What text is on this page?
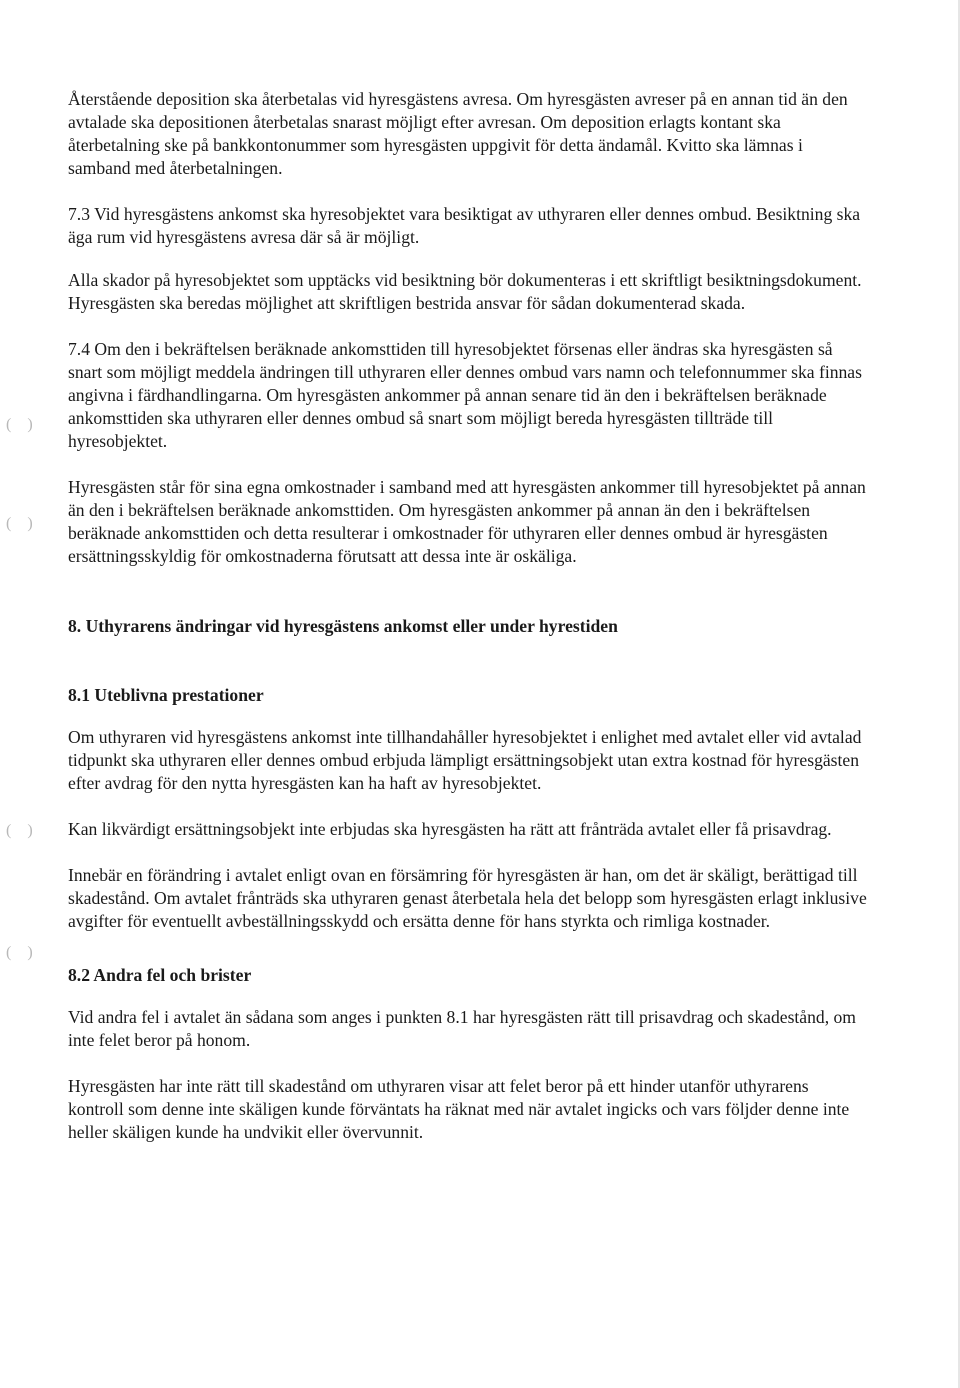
(    )
(    )
(    )
(    )

Återstående deposition ska återbetalas vid hyresgästens avresa. Om hyresgästen avreser på en annan tid än den avtalade ska depositionen återbetalas snarast möjligt efter avresan. Om deposition erlagts kontant ska återbetalning ske på bankkontonummer som hyresgästen uppgivit för detta ändamål. Kvitto ska lämnas i samband med återbetalningen.

7.3 Vid hyresgästens ankomst ska hyresobjektet vara besiktigat av uthyraren eller dennes ombud. Besiktning ska äga rum vid hyresgästens avresa där så är möjligt.

Alla skador på hyresobjektet som upptäcks vid besiktning bör dokumenteras i ett skriftligt besiktningsdokument. Hyresgästen ska beredas möjlighet att skriftligen bestrida ansvar för sådan dokumenterad skada.

7.4 Om den i bekräftelsen beräknade ankomsttiden till hyresobjektet försenas eller ändras ska hyresgästen så snart som möjligt meddela ändringen till uthyraren eller dennes ombud vars namn och telefonnummer ska finnas angivna i färdhandlingarna. Om hyresgästen ankommer på annan senare tid än den i bekräftelsen beräknade ankomsttiden ska uthyraren eller dennes ombud så snart som möjligt bereda hyresgästen tillträde till hyresobjektet.

Hyresgästen står för sina egna omkostnader i samband med att hyresgästen ankommer till hyresobjektet på annan än den i bekräftelsen beräknade ankomsttiden. Om hyresgästen ankommer på annan än den i bekräftelsen beräknade ankomsttiden och detta resulterar i omkostnader för uthyraren eller dennes ombud är hyresgästen ersättningsskyldig för omkostnaderna förutsatt att dessa inte är oskäliga.

8. Uthyrarens ändringar vid hyresgästens ankomst eller under hyrestiden
8.1 Uteblivna prestationer

Om uthyraren vid hyresgästens ankomst inte tillhandahåller hyresobjektet i enlighet med avtalet eller vid avtalad tidpunkt ska uthyraren eller dennes ombud erbjuda lämpligt ersättningsobjekt utan extra kostnad för hyresgästen efter avdrag för den nytta hyresgästen kan ha haft av hyresobjektet.

Kan likvärdigt ersättningsobjekt inte erbjudas ska hyresgästen ha rätt att frånträda avtalet eller få prisavdrag.

Innebär en förändring i avtalet enligt ovan en försämring för hyresgästen är han, om det är skäligt, berättigad till skadestånd. Om avtalet frånträds ska uthyraren genast återbetala hela det belopp som hyresgästen erlagt inklusive avgifter för eventuellt avbeställningsskydd och ersätta denne för hans styrkta och rimliga kostnader.

8.2 Andra fel och brister

Vid andra fel i avtalet än sådana som anges i punkten 8.1 har hyresgästen rätt till prisavdrag och skadestånd, om inte felet beror på honom.

Hyresgästen har inte rätt till skadestånd om uthyraren visar att felet beror på ett hinder utanför uthyrarens kontroll som denne inte skäligen kunde förväntats ha räknat med när avtalet ingicks och vars följder denne inte heller skäligen kunde ha undvikit eller övervunnit.
